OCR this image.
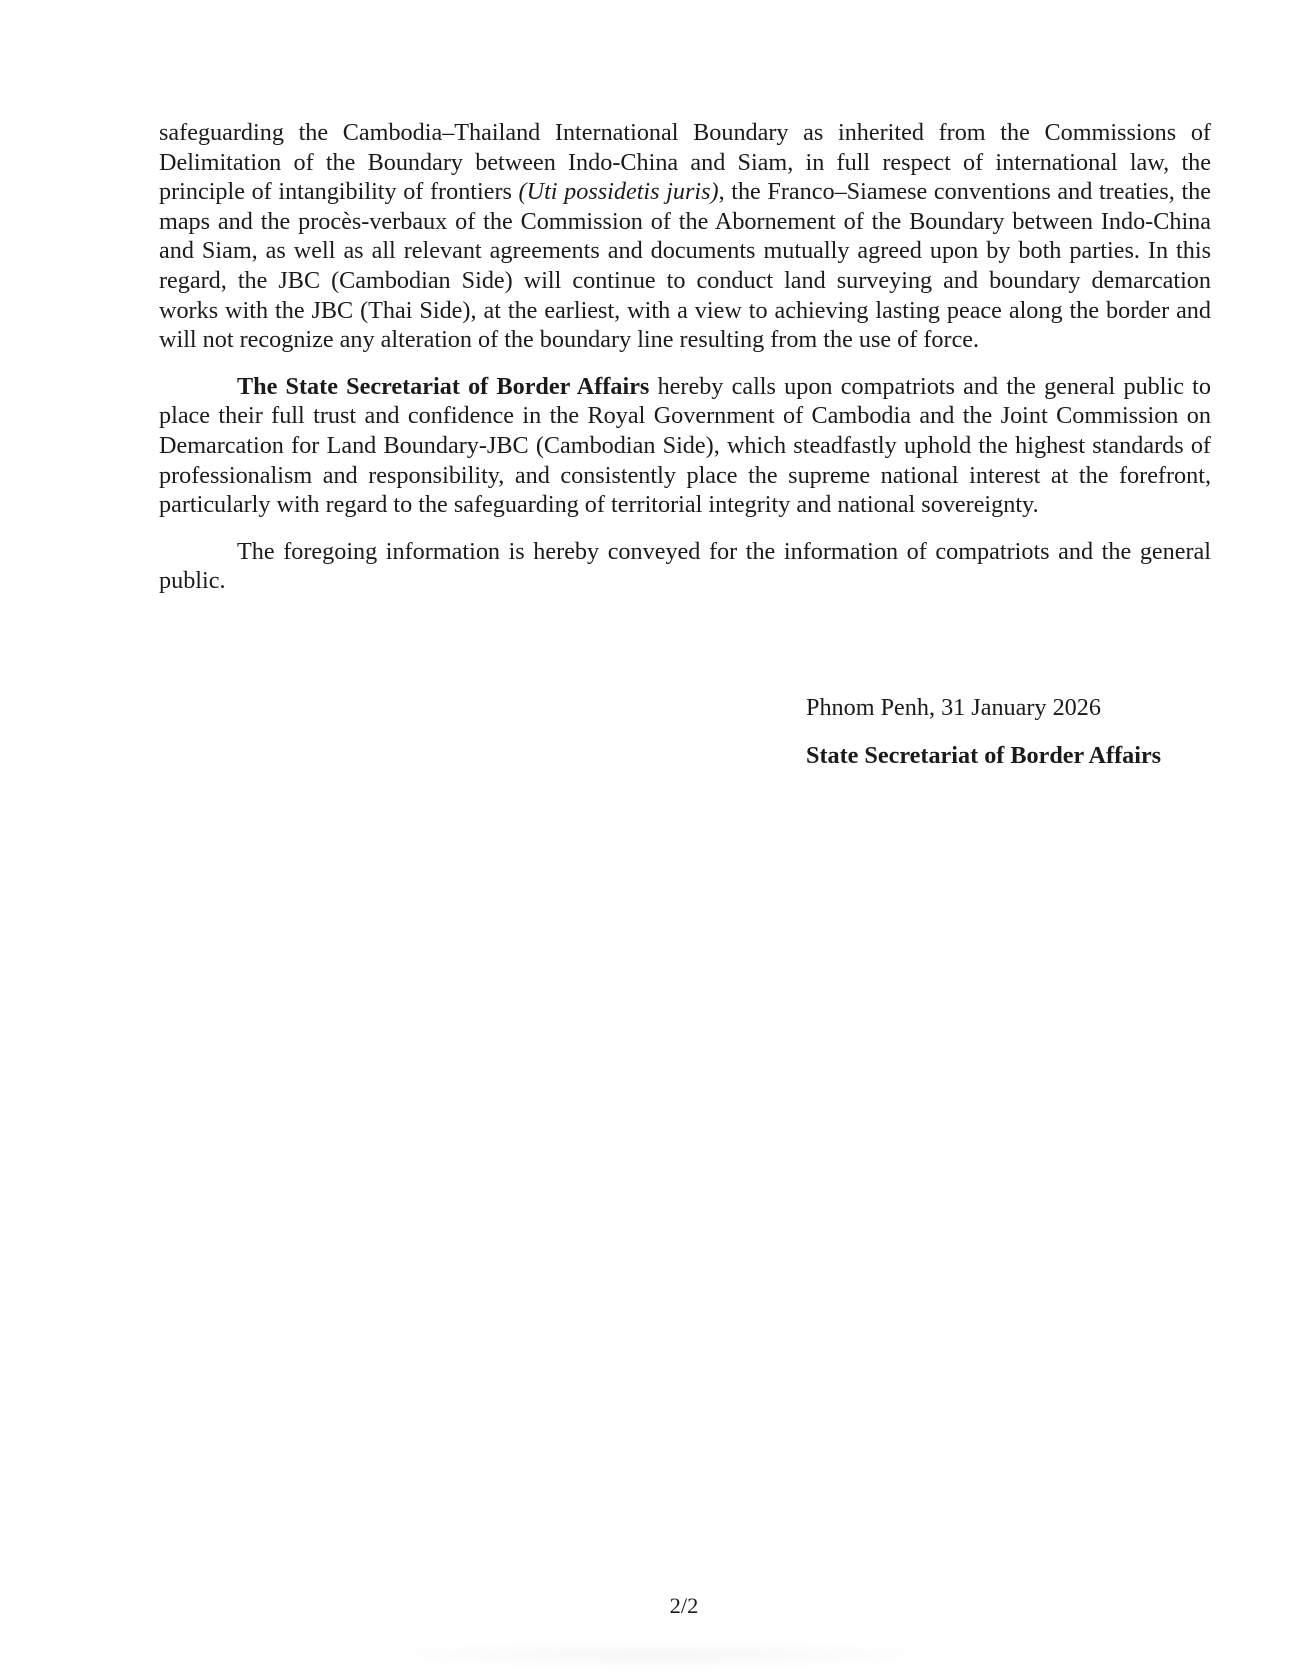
safeguarding the Cambodia–Thailand International Boundary as inherited from the Commissions of Delimitation of the Boundary between Indo-China and Siam, in full respect of international law, the principle of intangibility of frontiers (Uti possidetis juris), the Franco–Siamese conventions and treaties, the maps and the procès-verbaux of the Commission of the Abornement of the Boundary between Indo-China and Siam, as well as all relevant agreements and documents mutually agreed upon by both parties. In this regard, the JBC (Cambodian Side) will continue to conduct land surveying and boundary demarcation works with the JBC (Thai Side), at the earliest, with a view to achieving lasting peace along the border and will not recognize any alteration of the boundary line resulting from the use of force.

The State Secretariat of Border Affairs hereby calls upon compatriots and the general public to place their full trust and confidence in the Royal Government of Cambodia and the Joint Commission on Demarcation for Land Boundary-JBC (Cambodian Side), which steadfastly uphold the highest standards of professionalism and responsibility, and consistently place the supreme national interest at the forefront, particularly with regard to the safeguarding of territorial integrity and national sovereignty.

The foregoing information is hereby conveyed for the information of compatriots and the general public.

Phnom Penh, 31 January 2026
State Secretariat of Border Affairs
2/2
